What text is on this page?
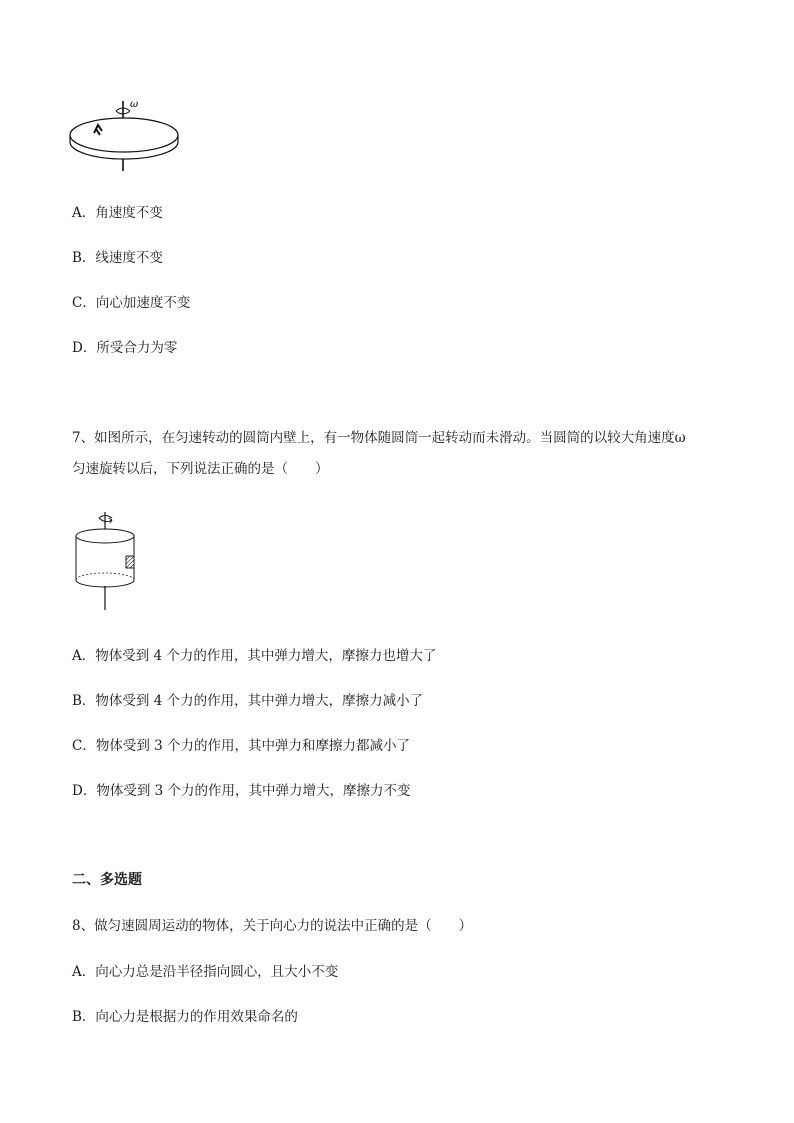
ω
A．角速度不变
B．线速度不变
C．向心加速度不变
D．所受合力为零
7、如图所示，在匀速转动的圆筒内壁上，有一物体随圆筒一起转动而未滑动。当圆筒的以较大角速度ω
匀速旋转以后，下列说法正确的是（　　）
A．物体受到 4 个力的作用，其中弹力增大，摩擦力也增大了
B．物体受到 4 个力的作用，其中弹力增大，摩擦力减小了
C．物体受到 3 个力的作用，其中弹力和摩擦力都减小了
D．物体受到 3 个力的作用，其中弹力增大，摩擦力不变
二、多选题
8、做匀速圆周运动的物体，关于向心力的说法中正确的是（　　）
A．向心力总是沿半径指向圆心，且大小不变
B．向心力是根据力的作用效果命名的
